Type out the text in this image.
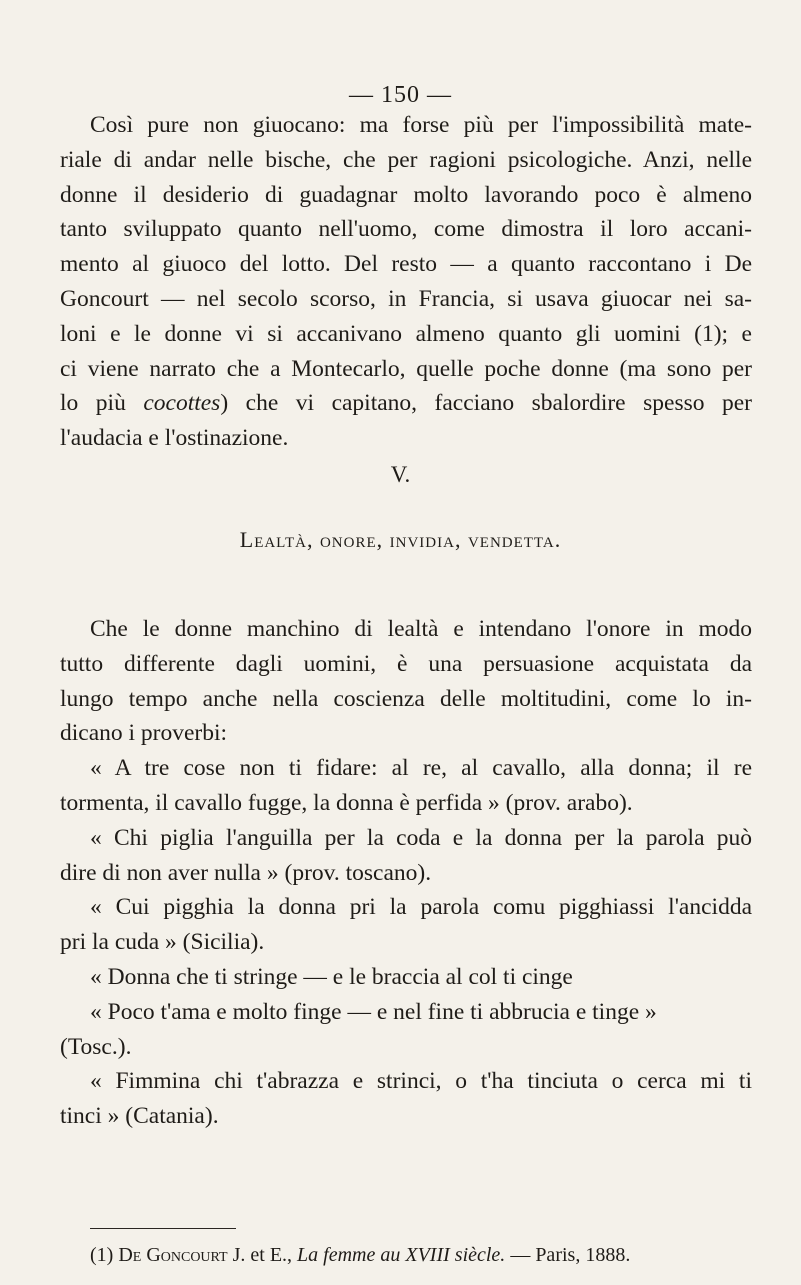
— 150 —
Così pure non giuocano: ma forse più per l'impossibilità mate-
riale di andar nelle bische, che per ragioni psicologiche. Anzi, nelle
donne il desiderio di guadagnar molto lavorando poco è almeno
tanto sviluppato quanto nell'uomo, come dimostra il loro accani-
mento al giuoco del lotto. Del resto — a quanto raccontano i De
Goncourt — nel secolo scorso, in Francia, si usava giuocar nei sa-
loni e le donne vi si accanivano almeno quanto gli uomini (1); e
ci viene narrato che a Montecarlo, quelle poche donne (ma sono per
lo più cocottes) che vi capitano, facciano sbalordire spesso per
l'audacia e l'ostinazione.
V.
Lealtà, onore, invidia, vendetta.
Che le donne manchino di lealtà e intendano l'onore in modo
tutto differente dagli uomini, è una persuasione acquistata da
lungo tempo anche nella coscienza delle moltitudini, come lo in-
dicano i proverbi:
« A tre cose non ti fidare: al re, al cavallo, alla donna; il re
tormenta, il cavallo fugge, la donna è perfida » (prov. arabo).
« Chi piglia l'anguilla per la coda e la donna per la parola può
dire di non aver nulla » (prov. toscano).
« Cui pigghia la donna pri la parola comu pigghiassi l'ancidda
pri la cuda » (Sicilia).
« Donna che ti stringe — e le braccia al col ti cinge
« Poco t'ama e molto finge — e nel fine ti abbrucia e tinge »
(Tosc.).
« Fimmina chi t'abrazza e strinci, o t'ha tinciuta o cerca mi ti
tinci » (Catania).
(1) De Goncourt J. et E., La femme au XVIII siècle. — Paris, 1888.
